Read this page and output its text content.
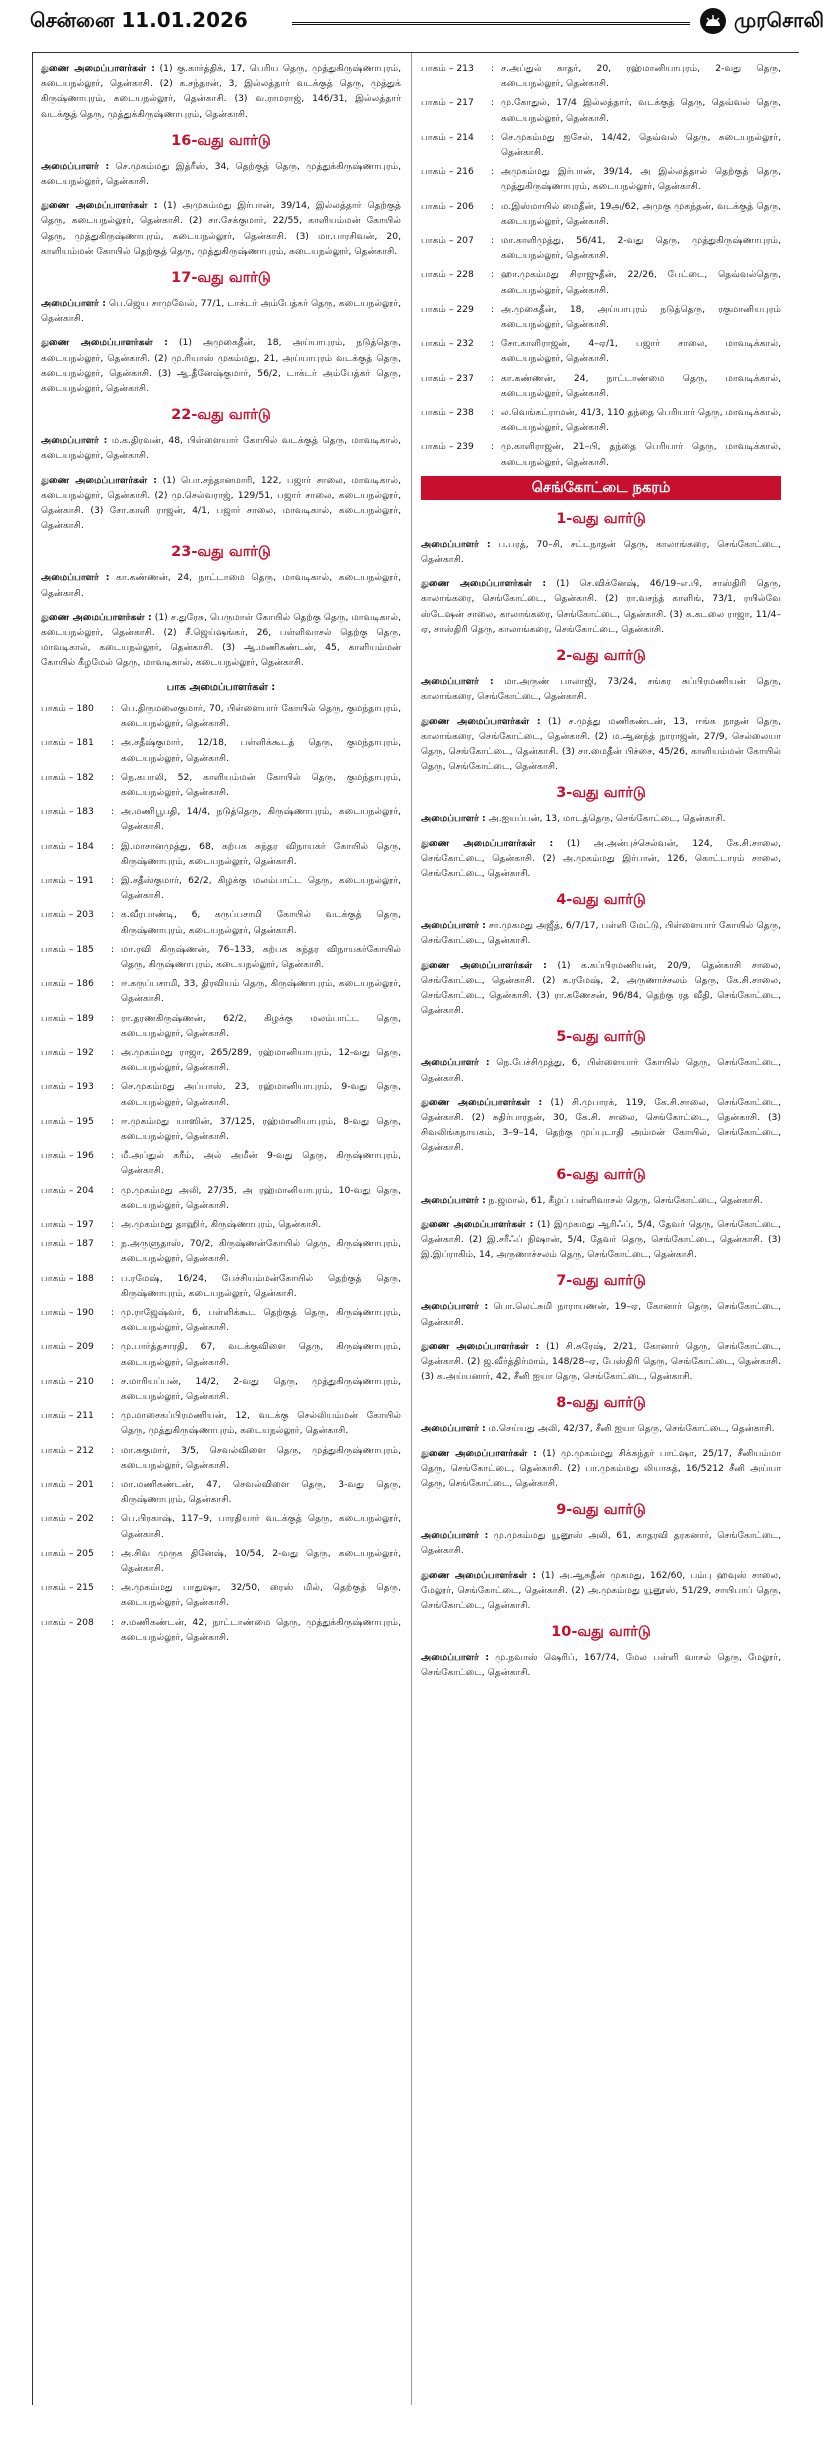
சென்னை 11.01.2026	முரசொலி
துணை அமைப்பாளர்கள் : (1) கு.கார்த்திக், 17, பெரிய தெரு, முத்துகிருஷ்ணாபுரம், கடையநல்லூர், தென்காசி. (2) க.சந்தான், 3, இல்லத்தார் வடக்குத் தெரு, முத்துக் கிருஷ்ணாபுரம், கடையநல்லூர், தென்காசி. (3) வ.ராமராஜ், 146/31, இல்லத்தார் வடக்குத் தெரு, முத்துக்கிருஷ்ணாபுரம், தென்காசி.
16-வது வார்டு
அமைப்பாளர் : செ.முகம்மது இத்ரீஸ், 34, தெற்குத் தெரு, முத்துக்கிருஷ்ணாபுரம், கடையநல்லூர், தென்காசி.
துணை அமைப்பாளர்கள் : (1) அமுகம்மது இர்பான், 39/14, இல்லத்தார் தெற்குத் தெரு, கடையநல்லூர், தென்காசி. (2) சா.சேக்குமார், 22/55, காளியம்மன் கோயில் தெரு, முத்துகிருஷ்ணாபுரம், கடையநல்லூர், தென்காசி. (3) மா.பாரசிவன், 20, காளியம்மன் கோயில் தெற்குத் தெரு, முத்துகிருஷ்ணாபுரம், கடையநல்லூர், தென்காசி.
17-வது வார்டு
அமைப்பாளர் : பெ.ஜெய சாமுவேல், 77/1, டாக்டர் அம்பேத்கர் தெரு, கடையநல்லூர், தென்காசி.
துணை அமைப்பாளர்கள் : (1) அமுகைதீன், 18, அய்யாபுரம், நடுத்தெரு, கடையநல்லூர், தென்காசி. (2) மு.ரியாஸ் முகம்மது, 21, அய்யாபுரம் வடக்குத் தெரு, கடையநல்லூர், தென்காசி. (3) ஆ.தீனேஷ்குமார், 56/2, டாக்டர் அம்பேத்கர் தெரு, கடையநல்லூர், தென்காசி.
22-வது வார்டு
அமைப்பாளர் : ம.க.திரவன், 48, பிள்ளையார் கோயில் வடக்குத் தெரு, மாவடிகால், கடையநல்லூர், தென்காசி.
துணை அமைப்பாளர்கள் : (1) பொ.சந்தானமாரி, 122, பஜார் சாலை, மாவடிகால், கடையநல்லூர், தென்காசி. (2) மு.செல்வராஜ், 129/51, பஜார் சாலை, கடையநல்லூர், தென்காசி. (3) சோ.காளி ராஜன், 4/1, பஜார் சாலை, மாவடிகால், கடையநல்லூர், தென்காசி.
23-வது வார்டு
அமைப்பாளர் : கா.கண்ணன், 24, நாட்டாமை தெரு, மாவடிகால், கடையநல்லூர், தென்காசி.
துணை அமைப்பாளர்கள் : (1) ச.துரேசு, பெருமாள் கோயில் தெற்கு தெரு, மாவடிகால், கடையநல்லூர், தென்காசி. (2) சீ.ஜெய்ஷங்கர், 26, பள்ளிவாசல் தெற்கு தெரு, மாவடிகால், கடையநல்லூர், தென்காசி. (3) ஆ.மணிகண்டன், 45, காளியம்மன் கோயில் கீழமேல் தெரு, மாவடிகால், கடையநல்லூர், தென்காசி.
பாக அமைப்பாளர்கள் :
பாகம் – 180	: பெ.திருமலைகுமார், 70, பிள்ளையார் கோயில் தெரு, குமந்தாபுரம், கடையநல்லூர், தென்காசி.
பாகம் – 181	: அ.சதீஷ்குமார், 12/18, பள்ளிக்கூடத் தெரு, குமந்தாபுரம், கடையநல்லூர், தென்காசி.
பாகம் – 182	: நெ.கபாலி, 52, காளியம்மன் கோயில் தெரு, குமந்தாபுரம், கடையநல்லூர், தென்காசி.
பாகம் – 183	: அ.மணிபூபதி, 14/4, நடுத்தெரு, கிருஷ்ணாபுரம், கடையநல்லூர், தென்காசி.
பாகம் – 184	: இ.மாசானமுத்து, 68, கற்பக சுந்தர விநாயகர் கோயில் தெரு, கிருஷ்ணாபுரம், கடையநல்லூர், தென்காசி.
பாகம் – 191	: இ.சதீஸ்குமார், 62/2, கிழக்கு மலம்பாட்ட தெரு, கடையநல்லூர், தென்காசி.
பாகம் – 203	: க.வீரபாண்டி, 6, கருப்பசாமி கோயில் வடக்குத் தெரு, கிருஷ்ணாபுரம், கடையநல்லூர், தென்காசி.
பாகம் – 185	: மா.ரவி கிருஷ்ணன், 76–133, கற்பக சுந்தர விநாயகர்கோயில் தெரு, கிருஷ்ணாபுரம், கடையநல்லூர், தென்காசி.
பாகம் – 186	: ஈ.கருப்பசாமி, 33, திரவியம் தெரு, கிருஷ்ணாபுரம், கடையநல்லூர், தென்காசி.
பாகம் – 189	: ரா.தரணகிருஷ்ணன், 62/2, கிழக்கு மலம்பாட்ட தெரு, கடையநல்லூர், தென்காசி.
பாகம் – 192	: அ.முகம்மது ராஜா, 265/289, ரஹ்மானியாபுரம், 12-வது தெரு, கடையநல்லூர், தென்காசி.
பாகம் – 193	: செ.முகம்மது அப்பாஸ், 23, ரஹ்மானியாபுரம், 9-வது தெரு, கடையநல்லூர், தென்காசி.
பாகம் – 195	: ஈ.முகம்மது யாஸின், 37/125, ரஹ்மானியாபுரம், 8-வது தெரு, கடையநல்லூர், தென்காசி.
பாகம் – 196	: மீ.அப்துல் கரீம், அல் அமீன் 9-வது தெரு, கிருஷ்ணாபுரம், தென்காசி.
பாகம் – 204	: மு.முகம்மது அலி, 27/35, அ ரஹ்மானியாபுரம், 10-வது தெரு, கடையநல்லூர், தென்காசி.
பாகம் – 197	: அ.முகம்மது தாஹிர், கிருஷ்ணாபுரம், தென்காசி.
பாகம் – 187	: ந.அருளுதாஸ், 70/2, கிருஷ்ணன்கோயில் தெரு, கிருஷ்ணாபுரம், கடையநல்லூர், தென்காசி.
பாகம் – 188	: ப.ரமேஷ், 16/24, பேச்சியம்மன்கோயில் தெற்குத் தெரு, கிருஷ்ணாபுரம், கடையநல்லூர், தென்காசி.
பாகம் – 190	: மு.ராஜேஷ்வர், 6, பள்ளிக்கூட தெற்குத் தெரு, கிருஷ்ணாபுரம், கடையநல்லூர், தென்காசி.
பாகம் – 209	: மு.பார்த்தசாரதி, 67, வடக்குவிளை தெரு, கிருஷ்ணாபுரம், கடையநல்லூர், தென்காசி.
பாகம் – 210	: ச.மாரியப்பன், 14/2, 2-வது தெரு, முத்துகிருஷ்ணாபுரம், கடையநல்லூர், தென்காசி.
பாகம் – 211	: மு.மாசைகப்பிரமணியன், 12, வடக்கு செல்லியம்மன் கோயில் தெரு, முத்துகிருஷ்ணாபுரம், கடையநல்லூர், தென்காசி.
பாகம் – 212	: மா.சுகுமார், 3/5, செவல்விளை தெரு, முத்துகிருஷ்ணாபுரம், கடையநல்லூர், தென்காசி.
பாகம் – 201	: மா.மணிகண்டன், 47, செவல்விளை தெரு, 3-வது தெரு, கிருஷ்ணாபுரம், தென்காசி.
பாகம் – 202	: பெ.பிரகாஷ், 117–9, பாரதியார் வடக்குத் தெரு, கடையநல்லூர், தென்காசி.
பாகம் – 205	: அ.சிவ முருக தினேஷ், 10/54, 2-வது தெரு, கடையநல்லூர், தென்காசி.
பாகம் – 215	: அ.முகம்மது பாதுஷா, 32/50, ரைஸ் மில், தெற்குத் தெரு, கடையநல்லூர், தென்காசி.
பாகம் – 208	: ச.மணிகண்டன், 42, நாட்டாண்மை தெரு, முத்துக்கிருஷ்ணாபுரம், கடையநல்லூர், தென்காசி.
பாகம் – 213	: ச.அப்துல் காதர், 20, ரஹ்மானியாபுரம், 2-வது தெரு, கடையநல்லூர், தென்காசி.
பாகம் – 217	: மு.கோதுல், 17/4 இல்லத்தார், வடக்குத் தெரு, தெவ்வல் தெரு, கடையநல்லூர், தென்காசி.
பாகம் – 214	: செ.முகம்மது ஐசேல், 14/42, தெவ்வல் தெரு, கடையநல்லூர், தென்காசி.
பாகம் – 216	: அமுகம்மது இர்பான், 39/14, அ இல்லத்தால் தெற்குத் தெரு, முத்துகிருஷ்ணாபுரம், கடையநல்லூர், தென்காசி.
பாகம் – 206	: ம.இஸ்மாயில் மைதீன், 19அ/62, அமுகு முகந்தன், வடக்குத் தெரு, கடையநல்லூர், தென்காசி.
பாகம் – 207	: மா.காளிமுத்து, 56/41, 2-வது தெரு, முத்துகிருஷ்ணாபுரம், கடையநல்லூர், தென்காசி.
பாகம் – 228	: ஹா.முகம்மது சிராஜுதீன், 22/26, பேட்டை, தெவ்வல்தெரு, கடையநல்லூர், தென்காசி.
பாகம் – 229	: அ.முகைதீன், 18, அய்யாபுரம் நடுத்தெரு, ரகுமானியபுரம் கடையநல்லூர், தென்காசி.
பாகம் – 232	: சோ.காளிராஜன், 4–ஏ/1, பஜார் சாலை, மாவடிக்கால், கடையநல்லூர், தென்காசி.
பாகம் – 237	: கா.கண்ணன், 24, நாட்டாண்மை தெரு, மாவடிக்கால், கடையநல்லூர், தென்காசி.
பாகம் – 238	: ல.வெங்கட்ராமன், 41/3, 110 தந்தை பெரியார் தெரு, மாவடிக்கால், கடையநல்லூர், தென்காசி.
பாகம் – 239	: மு.காளிராஜன், 21–பி, தந்தை பெரியார் தெரு, மாவடிக்கால், கடையநல்லூர், தென்காசி.
செங்கோட்டை நகரம்
1-வது வார்டு
அமைப்பாளர் : ப.பரத், 70–சி, சட்டநாதன் தெரு, காலாங்கரை, செங்கோட்டை, தென்காசி.
துணை அமைப்பாளர்கள் : (1) செ.விக்னேஷ், 46/19–எ.பி, சாஸ்திரி தெரு, காலாங்கரை, செங்கோட்டை, தென்காசி. (2) ரா.வசந்த் காளிங், 73/1, ரயில்வே ஸ்டேஷன் சாலை, காலாங்கரை, செங்கோட்டை, தென்காசி. (3) க.கடலை ராஜா, 11/4–ஏ, சாஸ்திரி தெரு, காலாங்கரை, செங்கோட்டை, தென்காசி.
2-வது வார்டு
அமைப்பாளர் : மா.அருண் பாலாஜி, 73/24, சங்கர சுப்பிரமணியன் தெரு, காலாங்கரை, செங்கோட்டை, தென்காசி.
துணை அமைப்பாளர்கள் : (1) ச.முத்து மணிகண்டன், 13, ஈங்க நாதன் தெரு, காலாங்கரை, செங்கோட்டை, தென்காசி. (2) ம.ஆனந்த் நாராஜன், 27/9, செல்லையா தெரு, செங்கோட்டை, தென்காசி. (3) சா.மைதீன் பிச்சை, 45/26, காளியம்மன் கோயில் தெரு, செங்கோட்டை, தென்காசி.
3-வது வார்டு
அமைப்பாளர் : அ.ஐயப்பன், 13, மாடத்தெரு, செங்கோட்டை, தென்காசி.
துணை அமைப்பாளர்கள் : (1) அ.அன்புச்செல்வன், 124, கே.சி.சாலை, செங்கோட்டை, தென்காசி. (2) அ.முகம்மது இர்பான், 126, கொட்டாரம் சாலை, செங்கோட்டை, தென்காசி.
4-வது வார்டு
அமைப்பாளர் : சா.முகமது அஜீத், 6/7/17, பள்ளி மேட்டு, பிள்ளையார் கோயில் தெரு, செங்கோட்டை, தென்காசி.
துணை அமைப்பாளர்கள் : (1) க.கப்பிரமணியன், 20/9, தென்காசி சாலை, செங்கோட்டை, தென்காசி. (2) க.ரமேஷ், 2, அருணாச்சலம் தெரு, கே.சி.சாலை, செங்கோட்டை, தென்காசி. (3) ரா.கணேசன், 96/84, தெற்கு ரத வீதி, செங்கோட்டை, தென்காசி.
5-வது வார்டு
அமைப்பாளர் : நெ.பேச்சிமுத்து, 6, பிள்ளையார் கோயில் தெரு, செங்கோட்டை, தென்காசி.
துணை அமைப்பாளர்கள் : (1) சி.முபாரக், 119, கே.சி.சாலை, செங்கோட்டை, தென்காசி. (2) சுதிர்பாரதன், 30, கே.சி. சாலை, செங்கோட்டை, தென்காசி. (3) சிவலிங்கநாயகம், 3–9–14, தெற்கு முப்புடாதி அம்மன் கோயில், செங்கோட்டை, தென்காசி.
6-வது வார்டு
அமைப்பாளர் : ந.ஜமால், 61, கீழப் பள்ளிவாசல் தெரு, செங்கோட்டை, தென்காசி.
துணை அமைப்பாளர்கள் : (1) இமுகமது ஆரிஃப், 5/4, தேவர் தெரு, செங்கோட்டை, தென்காசி. (2) இ.சரீஃப் நிஷான், 5/4, தேவர் தெரு, செங்கோட்டை, தென்காசி. (3) இ.இப்ராகிம், 14, அருணாச்சலம் தெரு, செங்கோட்டை, தென்காசி.
7-வது வார்டு
அமைப்பாளர் : பொ.லெட்சுமி நாராயணன், 19–ஏ, கோனார் தெரு, செங்கோட்டை, தென்காசி.
துணை அமைப்பாளர்கள் : (1) சி.சுரேஷ், 2/21, கோனார் தெரு, செங்கோட்டை, தென்காசி. (2) ஜ.வீர்த்திர்மாம், 148/28–ஏ, பேஸ்திரி தெரு, செங்கோட்டை, தென்காசி. (3) க.அய்யனார், 42, சீனி ஐயா தெரு, செங்கோட்டை, தென்காசி.
8-வது வார்டு
அமைப்பாளர் : ம.செய்யது அலி, 42/37, சீனி ஐயா தெரு, செங்கோட்டை, தென்காசி.
துணை அமைப்பாளர்கள் : (1) மு.முகம்மது சிக்கந்தர் பாட்ஷா, 25/17, சீனியம்மா தெரு, செங்கோட்டை, தென்காசி. (2) பா.முகம்மது லியாகத், 16/5212 சீனி அய்யா தெரு, செங்கோட்டை, தென்காசி.
9-வது வார்டு
அமைப்பாளர் : மு.முகம்மது யூனூஸ் அலி, 61, காதரவி தரகனார், செங்கோட்டை, தென்காசி.
துணை அமைப்பாளர்கள் : (1) அ.ஆசுதீன் முகமது, 162/60, பம்பு ஹவுஸ் சாலை, மேலூர், செங்கோட்டை, தென்காசி. (2) அ.முகம்மது யூனூஸ், 51/29, சாயிபாப் தெரு, செங்கோட்டை, தென்காசி.
10-வது வார்டு
அமைப்பாளர் : மு.நவாஸ் ஷெரிப், 167/74, மேல பள்ளி வாசல் தெரு, மேலூர், செங்கோட்டை, தென்காசி.
